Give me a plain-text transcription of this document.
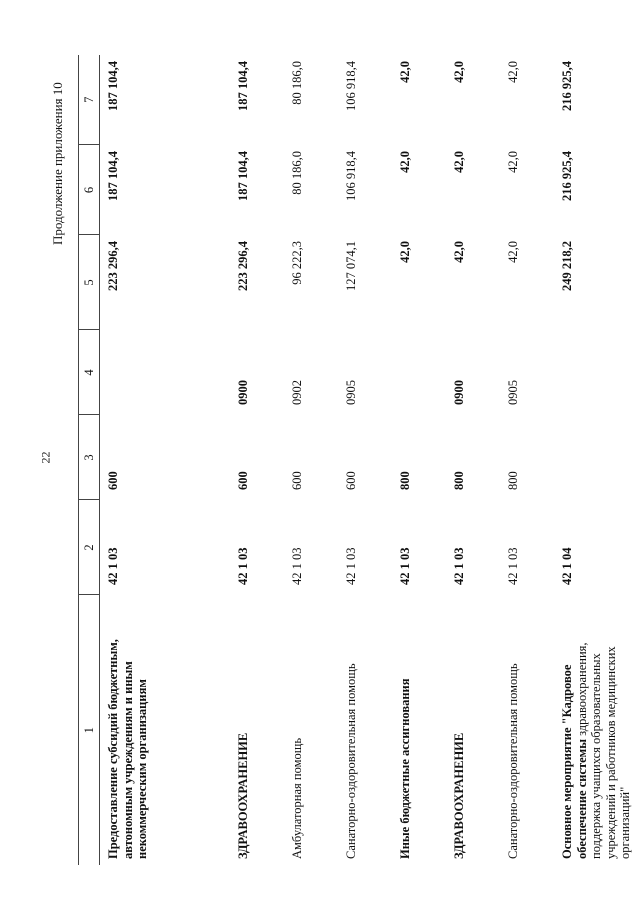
22
Продолжение приложения 10
1	2	3	4	5	6	7
Предоставление субсидий бюджетным, автономным учреждениям и иным некоммерческим организациям	42 1 03	600		223 296,4	187 104,4	187 104,4
ЗДРАВООХРАНЕНИЕ	42 1 03	600	0900	223 296,4	187 104,4	187 104,4
Амбулаторная помощь	42 1 03	600	0902	96 222,3	80 186,0	80 186,0
Санаторно-оздоровительная помощь	42 1 03	600	0905	127 074,1	106 918,4	106 918,4
Иные бюджетные ассигнования	42 1 03	800		42,0	42,0	42,0
ЗДРАВООХРАНЕНИЕ	42 1 03	800	0900	42,0	42,0	42,0
Санаторно-оздоровительная помощь	42 1 03	800	0905	42,0	42,0	42,0
Основное мероприятие "Кадровое обеспечение системы здравоохранения, поддержка учащихся образовательных учреждений и работников медицинских организаций"	42 1 04			249 218,2	216 925,4	216 925,4
